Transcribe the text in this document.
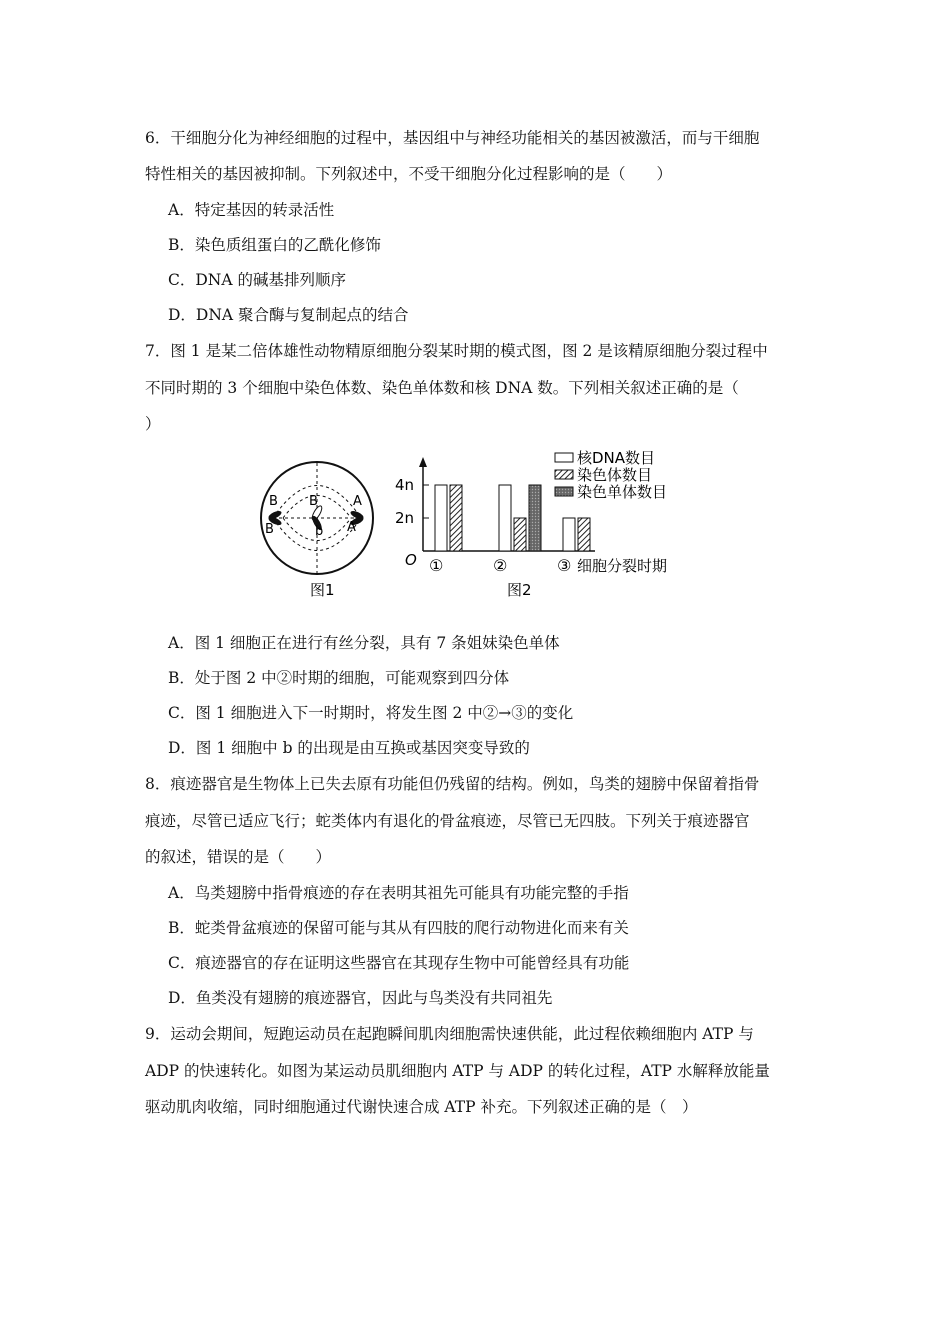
6．干细胞分化为神经细胞的过程中，基因组中与神经功能相关的基因被激活，而与干细胞
特性相关的基因被抑制。下列叙述中，不受干细胞分化过程影响的是（　　）
A．特定基因的转录活性
B．染色质组蛋白的乙酰化修饰
C．DNA 的碱基排列顺序
D．DNA 聚合酶与复制起点的结合
7．图 1 是某二倍体雄性动物精原细胞分裂某时期的模式图，图 2 是该精原细胞分裂过程中
不同时期的 3 个细胞中染色体数、染色单体数和核 DNA 数。下列相关叙述正确的是（
）
B
B
A
B
A
b
图1
4n
2n
O ①	②	③ 细胞分裂时期
图2
核DNA数目
染色体数目
染色单体数目
A．图 1 细胞正在进行有丝分裂，具有 7 条姐妹染色单体
B．处于图 2 中②时期的细胞，可能观察到四分体
C．图 1 细胞进入下一时期时，将发生图 2 中②→③的变化
D．图 1 细胞中 b 的出现是由互换或基因突变导致的
8．痕迹器官是生物体上已失去原有功能但仍残留的结构。例如，鸟类的翅膀中保留着指骨
痕迹，尽管已适应飞行；蛇类体内有退化的骨盆痕迹，尽管已无四肢。下列关于痕迹器官
的叙述，错误的是（　　）
A．鸟类翅膀中指骨痕迹的存在表明其祖先可能具有功能完整的手指
B．蛇类骨盆痕迹的保留可能与其从有四肢的爬行动物进化而来有关
C．痕迹器官的存在证明这些器官在其现存生物中可能曾经具有功能
D．鱼类没有翅膀的痕迹器官，因此与鸟类没有共同祖先
9．运动会期间，短跑运动员在起跑瞬间肌肉细胞需快速供能，此过程依赖细胞内 ATP 与
ADP 的快速转化。如图为某运动员肌细胞内 ATP 与 ADP 的转化过程，ATP 水解释放能量
驱动肌肉收缩，同时细胞通过代谢快速合成 ATP 补充。下列叙述正确的是（　）
